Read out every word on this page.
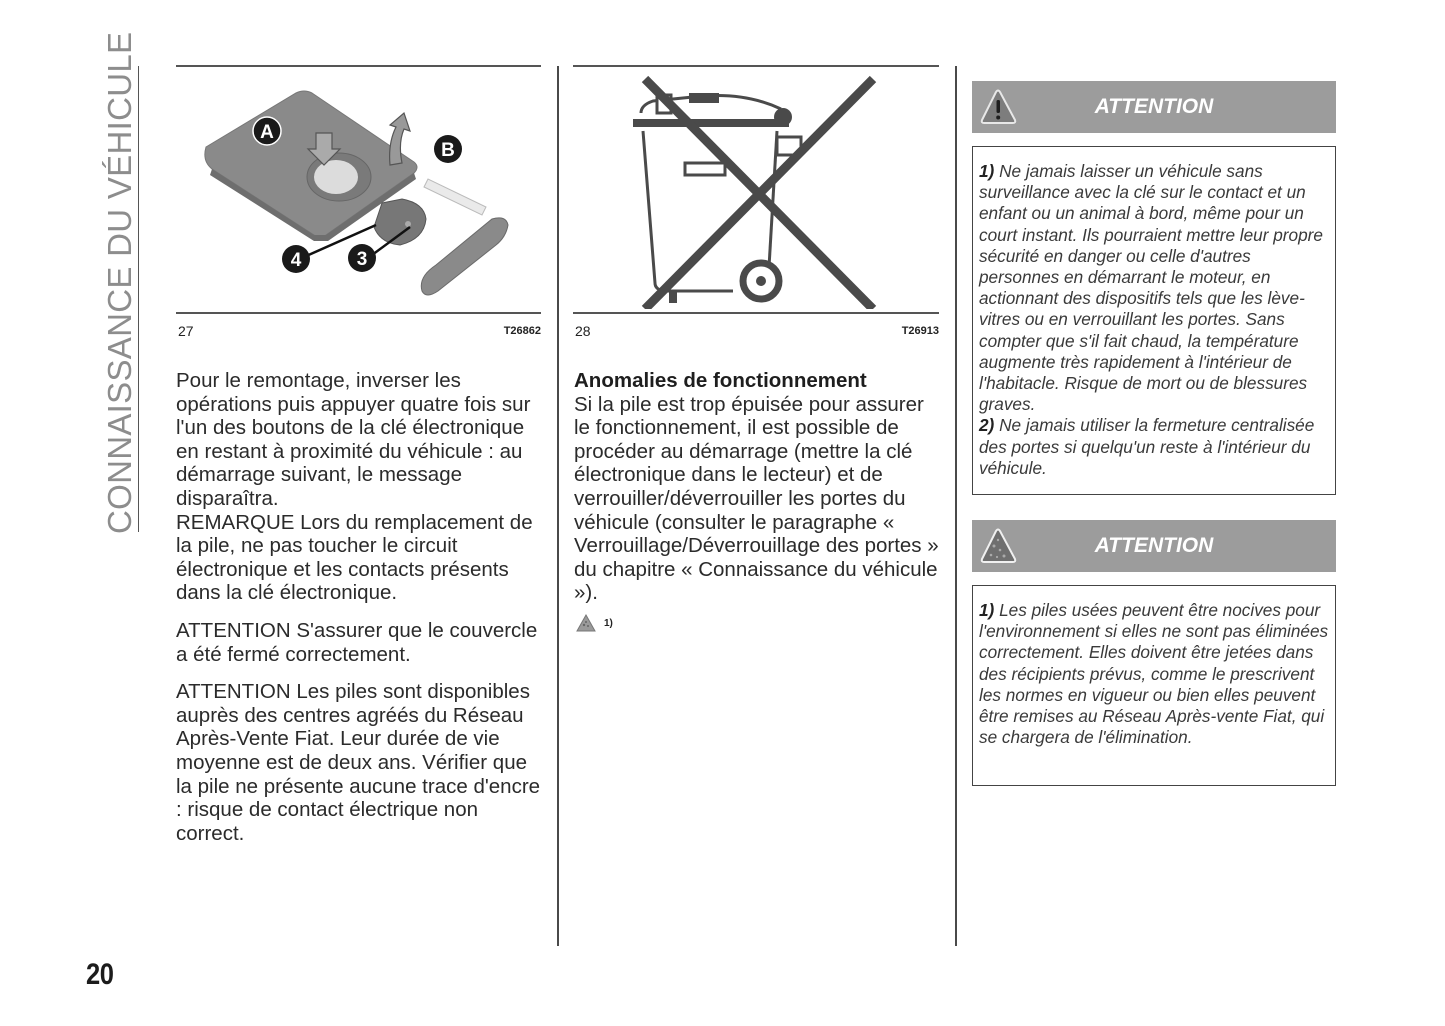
CONNAISSANCE DU VÉHICULE	A
B
4	3
27	T26862 28	T26913

Pour le remontage, inverser les opérations puis appuyer quatre fois sur l'un des boutons de la clé électronique en restant à proximité du véhicule : au démarrage suivant, le message disparaîtra.

REMARQUE Lors du remplacement de la pile, ne pas toucher le circuit électronique et les contacts présents dans la clé électronique.

ATTENTION S'assurer que le couvercle a été fermé correctement.

ATTENTION Les piles sont disponibles auprès des centres agréés du Réseau Après-Vente Fiat. Leur durée de vie moyenne est de deux ans. Vérifier que la pile ne présente aucune trace d'encre : risque de contact électrique non correct.

Anomalies de fonctionnement

Si la pile est trop épuisée pour assurer le fonctionnement, il est possible de procéder au démarrage (mettre la clé électronique dans le lecteur) et de verrouiller/déverrouiller les portes du véhicule (consulter le paragraphe « Verrouillage/Déverrouillage des portes » du chapitre « Connaissance du véhicule »).

1)
ATTENTION
1) Ne jamais laisser un véhicule sans surveillance avec la clé sur le contact et un enfant ou un animal à bord, même pour un court instant. Ils pourraient mettre leur propre sécurité en danger ou celle d'autres personnes en démarrant le moteur, en actionnant des dispositifs tels que les lève-vitres ou en verrouillant les portes. Sans compter que s'il fait chaud, la température augmente très rapidement à l'intérieur de l'habitacle. Risque de mort ou de blessures graves.
2) Ne jamais utiliser la fermeture centralisée des portes si quelqu'un reste à l'intérieur du véhicule.
ATTENTION
1) Les piles usées peuvent être nocives pour l'environnement si elles ne sont pas éliminées correctement. Elles doivent être jetées dans des récipients prévus, comme le prescrivent les normes en vigueur ou bien elles peuvent être remises au Réseau Après-vente Fiat, qui se chargera de l'élimination.
20
